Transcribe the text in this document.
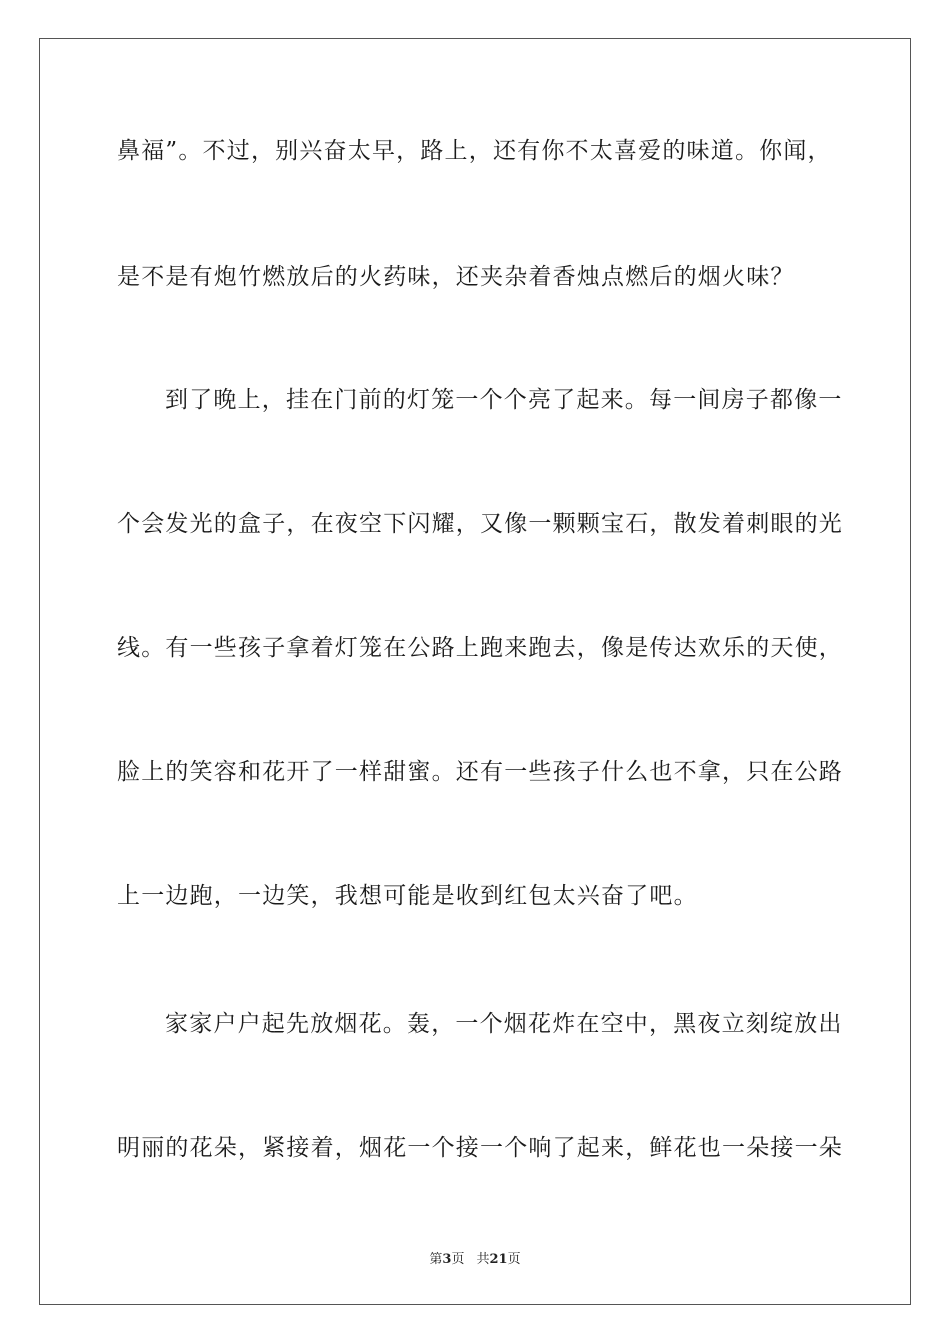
鼻福”。不过，别兴奋太早，路上，还有你不太喜爱的味道。你闻，
是不是有炮竹燃放后的火药味，还夹杂着香烛点燃后的烟火味？
到了晚上，挂在门前的灯笼一个个亮了起来。每一间房子都像一
个会发光的盒子，在夜空下闪耀，又像一颗颗宝石，散发着刺眼的光
线。有一些孩子拿着灯笼在公路上跑来跑去，像是传达欢乐的天使，
脸上的笑容和花开了一样甜蜜。还有一些孩子什么也不拿，只在公路
上一边跑，一边笑，我想可能是收到红包太兴奋了吧。
家家户户起先放烟花。轰，一个烟花炸在空中，黑夜立刻绽放出
明丽的花朵，紧接着，烟花一个接一个响了起来，鲜花也一朵接一朵
第3页 共21页
